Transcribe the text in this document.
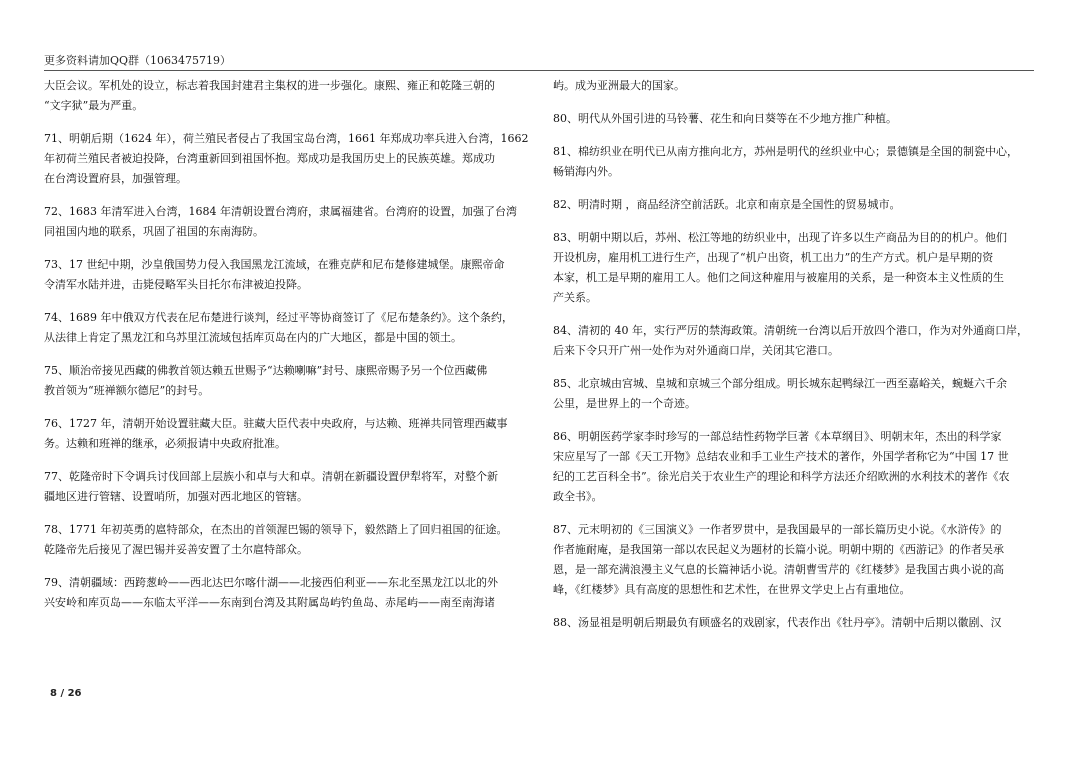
更多资料请加QQ群（1063475719）

大臣会议。军机处的设立，标志着我国封建君主集权的进一步强化。康熙、雍正和乾隆三朝的
“文字狱”最为严重。

71、明朝后期（1624 年），荷兰殖民者侵占了我国宝岛台湾，1661 年郑成功率兵进入台湾，1662
年初荷兰殖民者被迫投降，台湾重新回到祖国怀抱。郑成功是我国历史上的民族英雄。郑成功
在台湾设置府县，加强管理。

72、1683 年清军进入台湾，1684 年清朝设置台湾府，隶属福建省。台湾府的设置，加强了台湾
同祖国内地的联系，巩固了祖国的东南海防。

73、17 世纪中期，沙皇俄国势力侵入我国黑龙江流域，在雅克萨和尼布楚修建城堡。康熙帝命
令清军水陆并进，击毙侵略军头目托尔布津被迫投降。

74、1689 年中俄双方代表在尼布楚进行谈判，经过平等协商签订了《尼布楚条约》。这个条约，
从法律上肯定了黑龙江和乌苏里江流域包括库页岛在内的广大地区，都是中国的领土。

75、顺治帝接见西藏的佛教首领达赖五世赐予“达赖喇嘛”封号、康熙帝赐予另一个位西藏佛
教首领为“班禅额尔德尼”的封号。

76、1727 年，清朝开始设置驻藏大臣。驻藏大臣代表中央政府，与达赖、班禅共同管理西藏事
务。达赖和班禅的继承，必须报请中央政府批准。

77、乾隆帝时下令调兵讨伐回部上层族小和卓与大和卓。清朝在新疆设置伊犁将军，对整个新
疆地区进行管辖、设置哨所，加强对西北地区的管辖。

78、1771 年初英勇的扈特部众，在杰出的首领渥巴锡的领导下，毅然踏上了回归祖国的征途。
乾隆帝先后接见了渥巴锡并妥善安置了土尔扈特部众。

79、清朝疆域：西跨葱岭——西北达巴尔喀什湖——北接西伯利亚——东北至黑龙江以北的外
兴安岭和库页岛——东临太平洋——东南到台湾及其附属岛屿钓鱼岛、赤尾屿——南至南海诸

屿。成为亚洲最大的国家。

80、明代从外国引进的马铃薯、花生和向日葵等在不少地方推广种植。

81、棉纺织业在明代已从南方推向北方，苏州是明代的丝织业中心；景德镇是全国的制瓷中心，
畅销海内外。

82、明清时期 ，商品经济空前活跃。北京和南京是全国性的贸易城市。

83、明朝中期以后，苏州、松江等地的纺织业中，出现了许多以生产商品为目的的机户。他们
开设机房，雇用机工进行生产，出现了“机户出资，机工出力”的生产方式。机户是早期的资
本家，机工是早期的雇用工人。他们之间这种雇用与被雇用的关系，是一种资本主义性质的生
产关系。

84、清初的 40 年，实行严厉的禁海政策。清朝统一台湾以后开放四个港口，作为对外通商口岸，
后来下令只开广州一处作为对外通商口岸，关闭其它港口。

85、北京城由宫城、皇城和京城三个部分组成。明长城东起鸭绿江一西至嘉峪关，蜿蜒六千余
公里，是世界上的一个奇迹。

86、明朝医药学家李时珍写的一部总结性药物学巨著《本草纲目》、明朝末年，杰出的科学家
宋应星写了一部《天工开物》总结农业和手工业生产技术的著作，外国学者称它为“中国 17 世
纪的工艺百科全书”。徐光启关于农业生产的理论和科学方法还介绍欧洲的水利技术的著作《农
政全书》。

87、元末明初的《三国演义》一作者罗贯中，是我国最早的一部长篇历史小说。《水浒传》的
作者施耐庵，是我国第一部以农民起义为题材的长篇小说。明朝中期的《西游记》的作者吴承
恩，是一部充满浪漫主义气息的长篇神话小说。清朝曹雪芹的《红楼梦》是我国古典小说的高
峰，《红楼梦》具有高度的思想性和艺术性，在世界文学史上占有重地位。

88、汤显祖是明朝后期最负有顾盛名的戏剧家，代表作出《牡丹亭》。清朝中后期以徽剧、汉

8 / 26
